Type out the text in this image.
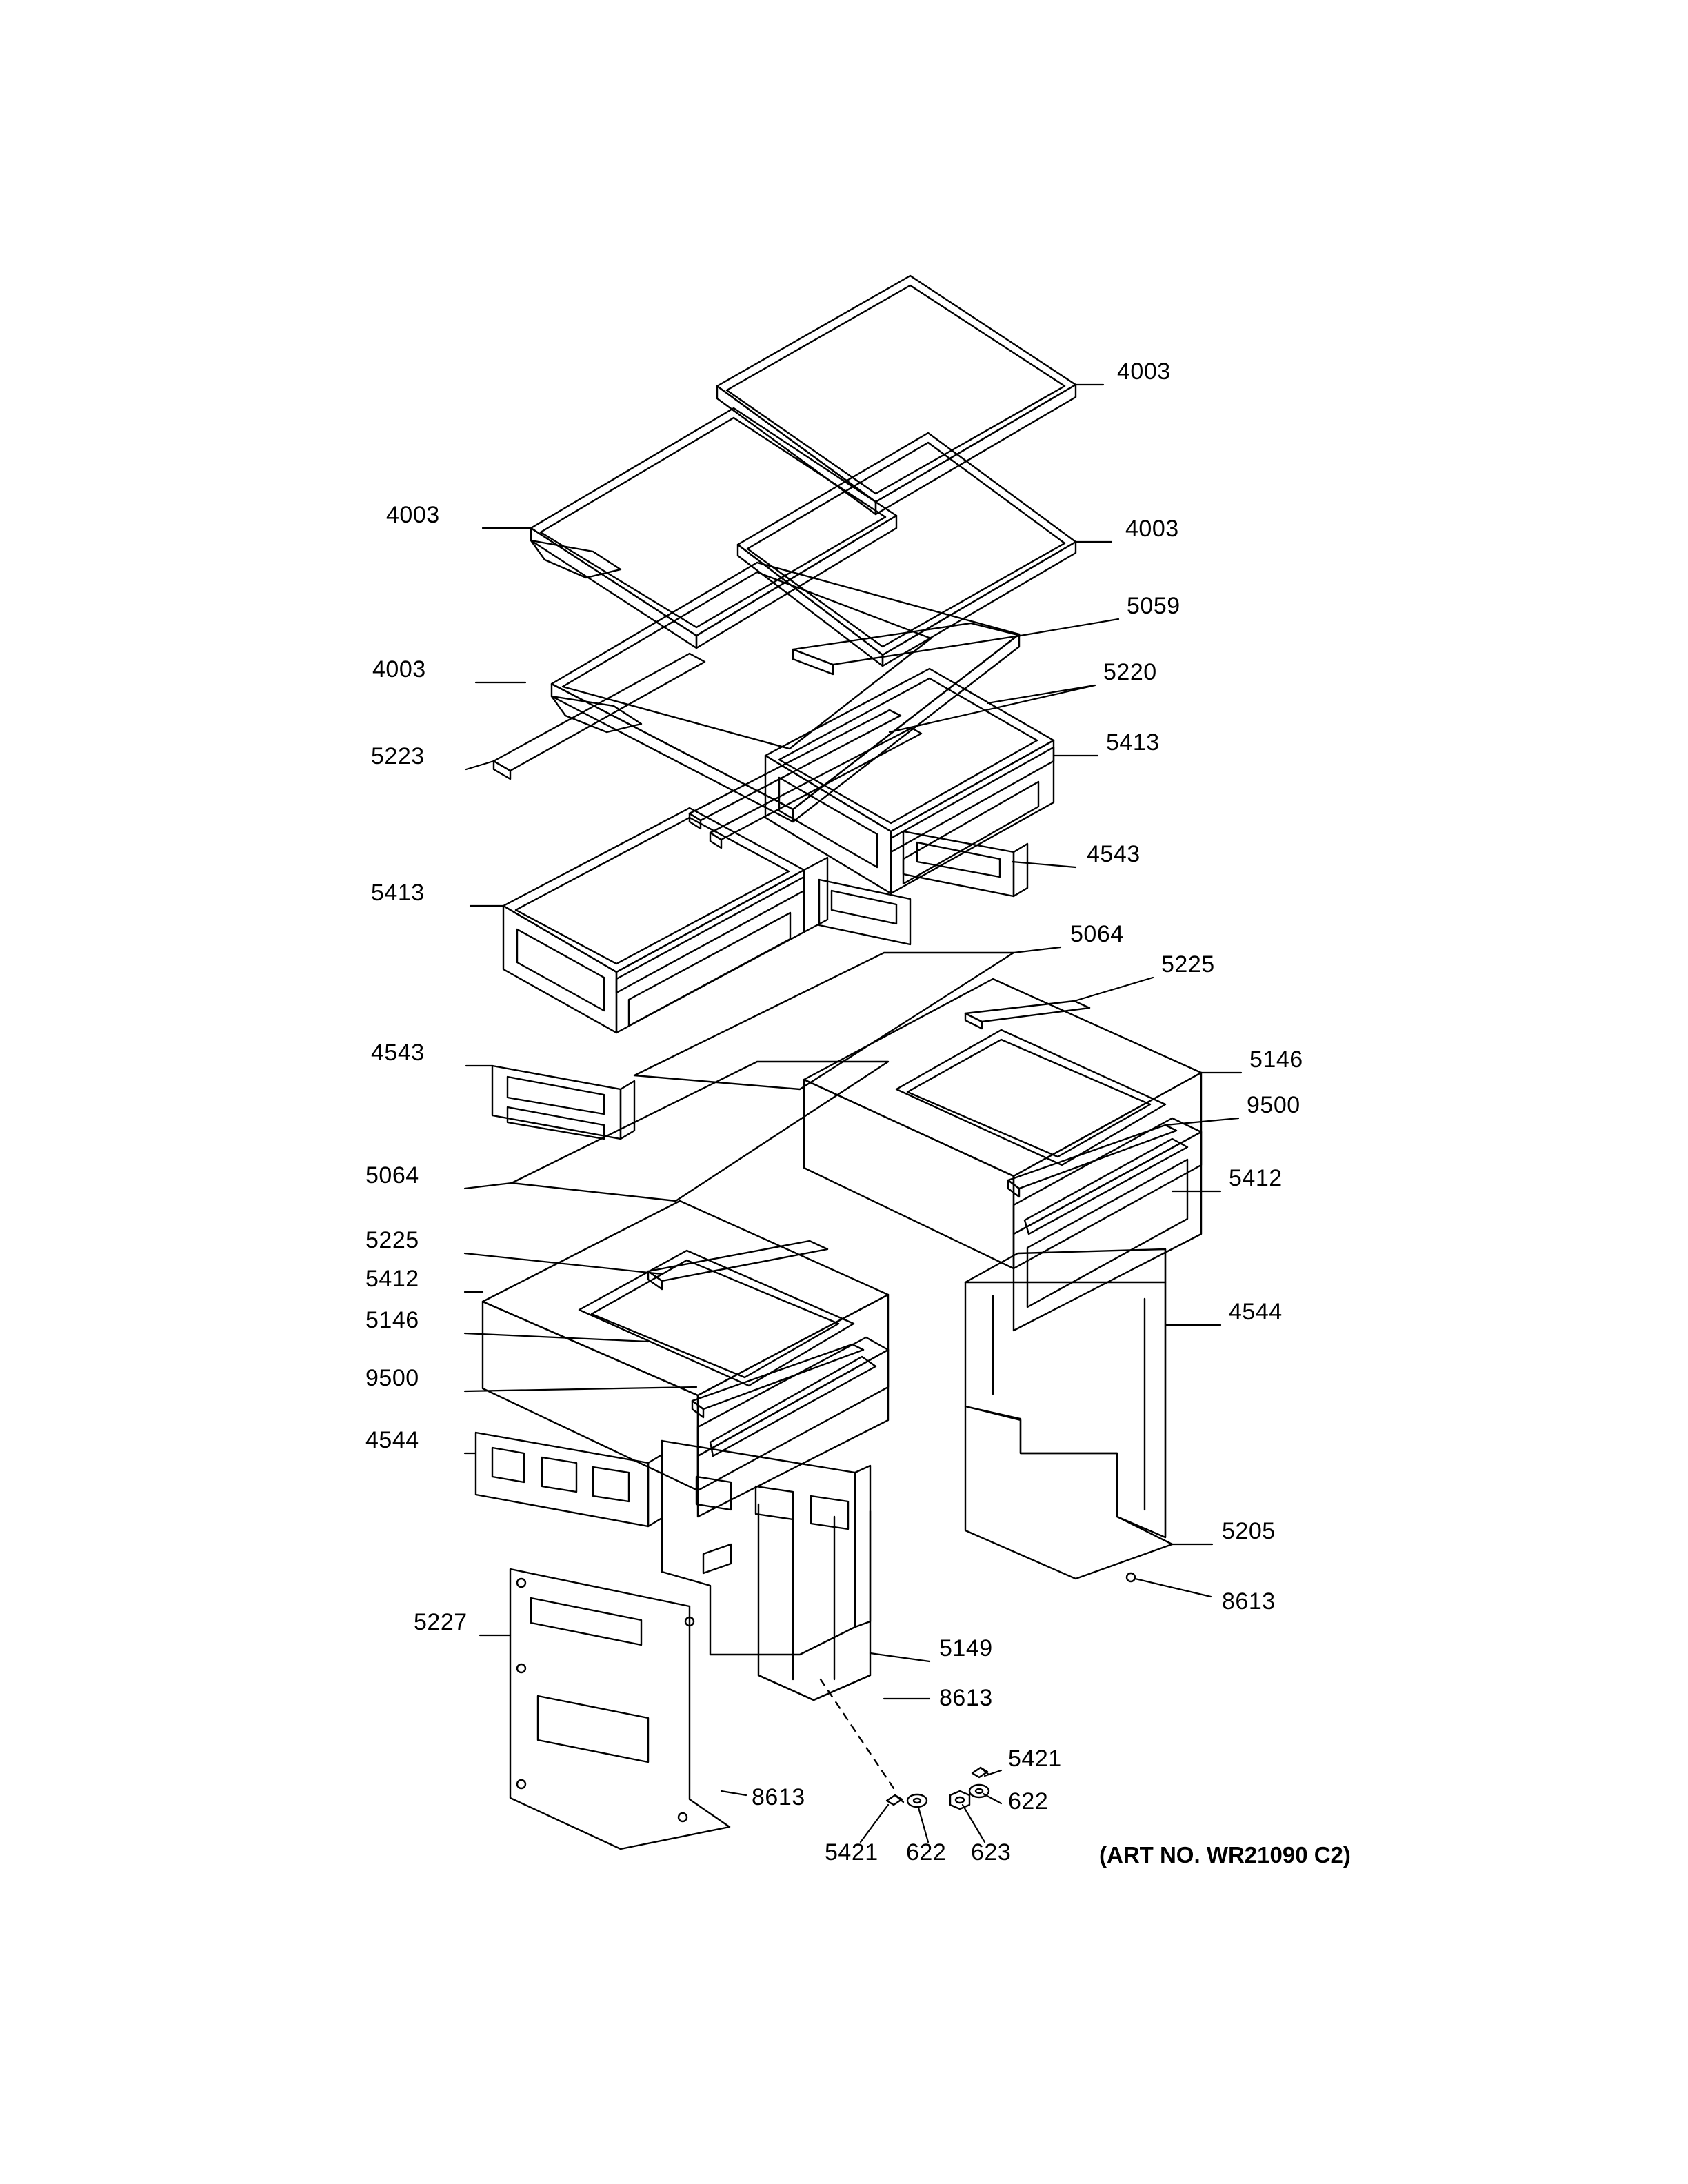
4003
4003
4003
5059
4003	5220
5413
5223
4543
5413
5064
5225
5146
9500
4543
5412
5064
5225
5412
5146
9500
4544
4544
5205
8613
5227
5149
8613
8613
5421
622
5421 622 623	(ART NO. WR21090 C2)
